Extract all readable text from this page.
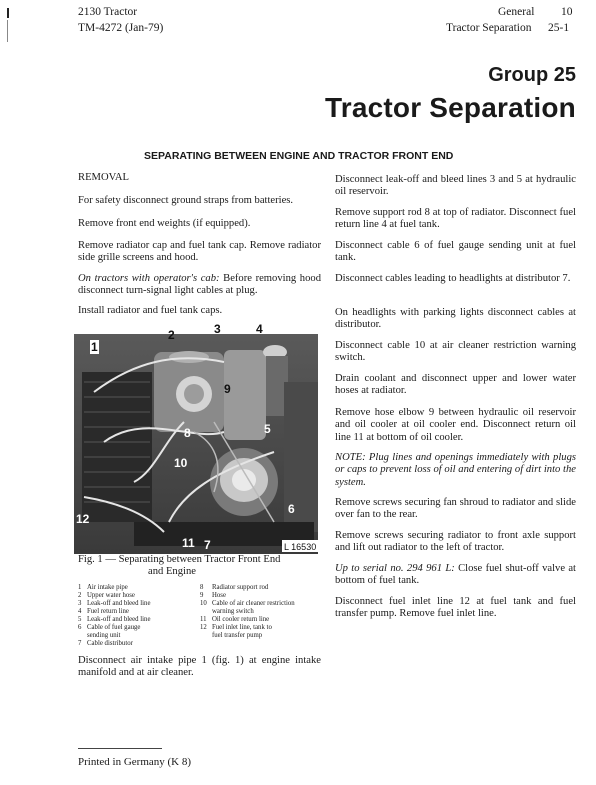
2130 Tractor
TM-4272 (Jan-79)
General 10
Tractor Separation 25-1
Group 25
Tractor Separation
SEPARATING BETWEEN ENGINE AND TRACTOR FRONT END

REMOVAL

For safety disconnect ground straps from batteries.

Remove front end weights (if equipped).

Remove radiator cap and fuel tank cap. Remove radiator side grille screens and hood.

On tractors with operator's cab: Before removing hood disconnect turn-signal light cables at plug.

Install radiator and fuel tank caps.

1
2	3	4
5
6
7
8
9
10
11
12
L 16530
Fig. 1 — Separating between Tractor Front End
and Engine
1 Air intake pipe
2 Upper water hose
3 Leak-off and bleed line
4 Fuel return line
5 Leak-off and bleed line
6 Cable of fuel gauge
sending unit
7 Cable distributor
8 Radiator support rod
9 Hose
10 Cable of air cleaner restriction
warning switch
11 Oil cooler return line
12 Fuel inlet line, tank to
fuel transfer pump

Disconnect air intake pipe 1 (fig. 1) at engine intake manifold and at air cleaner.

Disconnect leak-off and bleed lines 3 and 5 at hydraulic oil reservoir.

Remove support rod 8 at top of radiator. Disconnect fuel return line 4 at fuel tank.

Disconnect cable 6 of fuel gauge sending unit at fuel tank.

Disconnect cables leading to headlights at distributor 7.

On headlights with parking lights disconnect cables at distributor.

Disconnect cable 10 at air cleaner restriction warning switch.

Drain coolant and disconnect upper and lower water hoses at radiator.

Remove hose elbow 9 between hydraulic oil reservoir and oil cooler at oil cooler end. Disconnect return oil line 11 at bottom of oil cooler.

NOTE: Plug lines and openings immediately with plugs or caps to prevent loss of oil and entering of dirt into the system.

Remove screws securing fan shroud to radiator and slide over fan to the rear.

Remove screws securing radiator to front axle support and lift out radiator to the left of tractor.

Up to serial no. 294 961 L: Close fuel shut-off valve at bottom of fuel tank.

Disconnect fuel inlet line 12 at fuel tank and fuel transfer pump. Remove fuel inlet line.

Printed in Germany (K 8)
